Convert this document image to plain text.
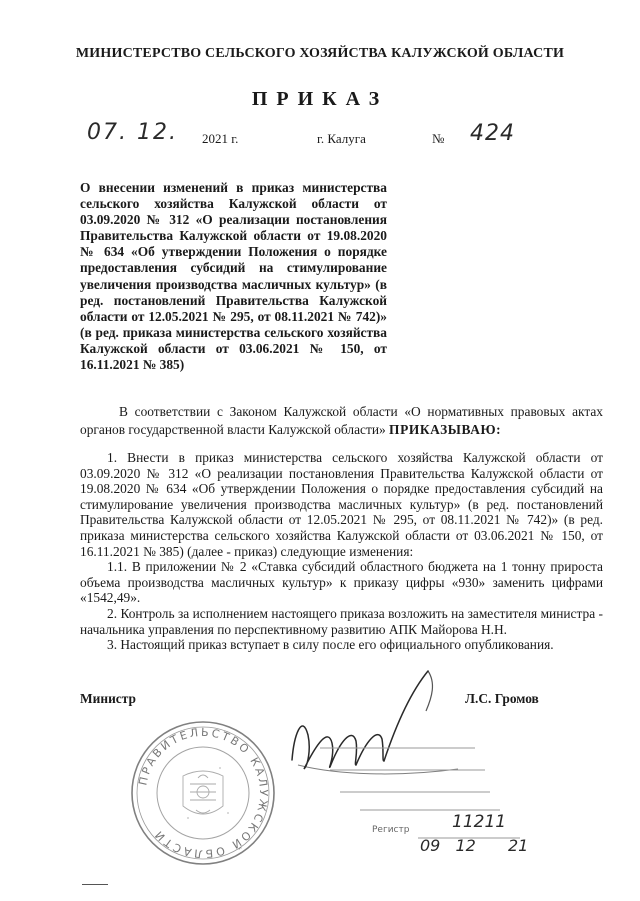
МИНИСТЕРСТВО СЕЛЬСКОГО ХОЗЯЙСТВА КАЛУЖСКОЙ ОБЛАСТИ
ПРИКАЗ
07. 12. 2021 г.	г. Калуга	№ 424
О внесении изменений в приказ министерства сельского хозяйства Калужской области от 03.09.2020 № 312 «О реализации постановления Правительства Калужской области от 19.08.2020 № 634 «Об утверждении Положения о порядке предоставления субсидий на стимулирование увеличения производства масличных культур» (в ред. постановлений Правительства Калужской области от 12.05.2021 № 295, от 08.11.2021 № 742)» (в ред. приказа министерства сельского хозяйства Калужской области от 03.06.2021 № 150, от 16.11.2021 № 385)
В соответствии с Законом Калужской области «О нормативных правовых актах органов государственной власти Калужской области» ПРИКАЗЫВАЮ:

1. Внести в приказ министерства сельского хозяйства Калужской области от 03.09.2020 № 312 «О реализации постановления Правительства Калужской области от 19.08.2020 № 634 «Об утверждении Положения о порядке предоставления субсидий на стимулирование увеличения производства масличных культур» (в ред. постановлений Правительства Калужской области от 12.05.2021 № 295, от 08.11.2021 № 742)» (в ред. приказа министерства сельского хозяйства Калужской области от 03.06.2021 № 150, от 16.11.2021 № 385) (далее - приказ) следующие изменения:

1.1. В приложении № 2 «Ставка субсидий областного бюджета на 1 тонну прироста объема производства масличных культур» к приказу цифры «930» заменить цифрами «1542,49».

2. Контроль за исполнением настоящего приказа возложить на заместителя министра - начальника управления по перспективному развитию АПК Майорова Н.Н.

3. Настоящий приказ вступает в силу после его официального опубликования.

Министр	Л.С. Громов
ПРАВИТЕЛЬСТВО КАЛУЖСКОЙ ОБЛАСТИ	Регистр	11211
09 12 21
